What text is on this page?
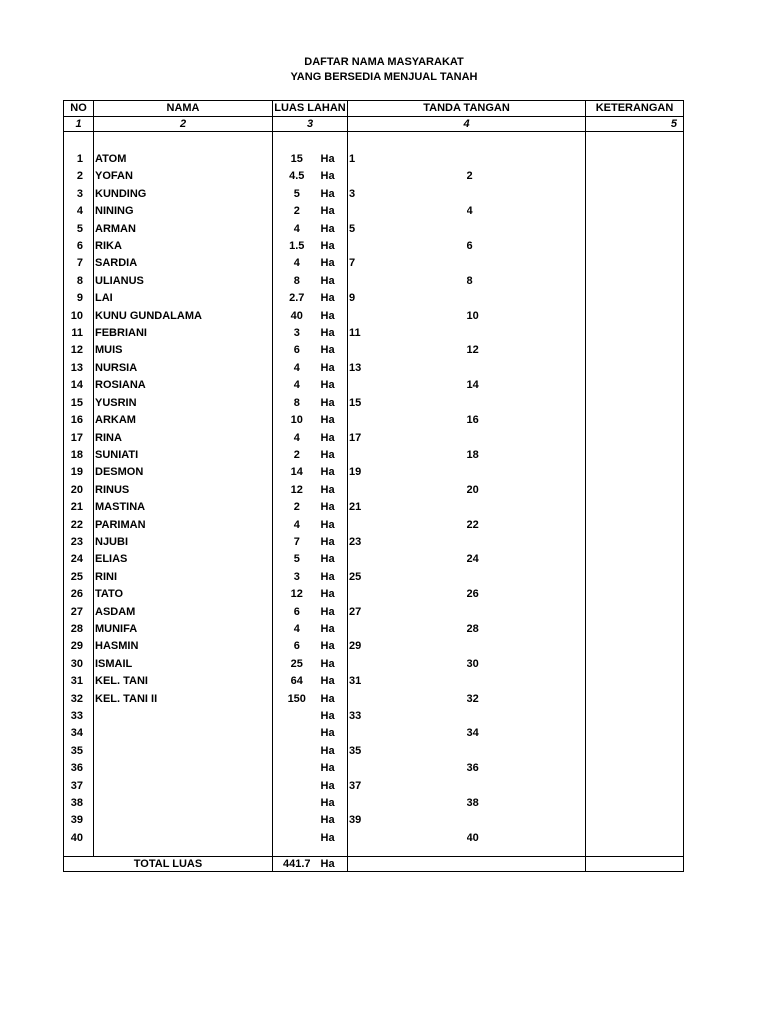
DAFTAR NAMA MASYARAKAT
YANG BERSEDIA MENJUAL TANAH
NO	NAMA	LUAS LAHAN		TANDA TANGAN		KETERANGAN
1	2	3		4		5

1	ATOM	15	Ha	1		
2	YOFAN	4.5	Ha		2	
3	KUNDING	5	Ha	3		
4	NINING	2	Ha		4	
5	ARMAN	4	Ha	5		
6	RIKA	1.5	Ha		6	
7	SARDIA	4	Ha	7		
8	ULIANUS	8	Ha		8	
9	LAI	2.7	Ha	9		
10	KUNU GUNDALAMA	40	Ha		10	
11	FEBRIANI	3	Ha	11		
12	MUIS	6	Ha		12	
13	NURSIA	4	Ha	13		
14	ROSIANA	4	Ha		14	
15	YUSRIN	8	Ha	15		
16	ARKAM	10	Ha		16	
17	RINA	4	Ha	17		
18	SUNIATI	2	Ha		18	
19	DESMON	14	Ha	19		
20	RINUS	12	Ha		20	
21	MASTINA	2	Ha	21		
22	PARIMAN	4	Ha		22	
23	NJUBI	7	Ha	23		
24	ELIAS	5	Ha		24	
25	RINI	3	Ha	25		
26	TATO	12	Ha		26	
27	ASDAM	6	Ha	27		
28	MUNIFA	4	Ha		28	
29	HASMIN	6	Ha	29		
30	ISMAIL	25	Ha		30	
31	KEL. TANI	64	Ha	31		
32	KEL. TANI II	150	Ha		32	
33			Ha	33		
34			Ha		34	
35			Ha	35		
36			Ha		36	
37			Ha	37		
38			Ha		38	
39			Ha	39		
40			Ha		40	

TOTAL LUAS		441.7	Ha			
